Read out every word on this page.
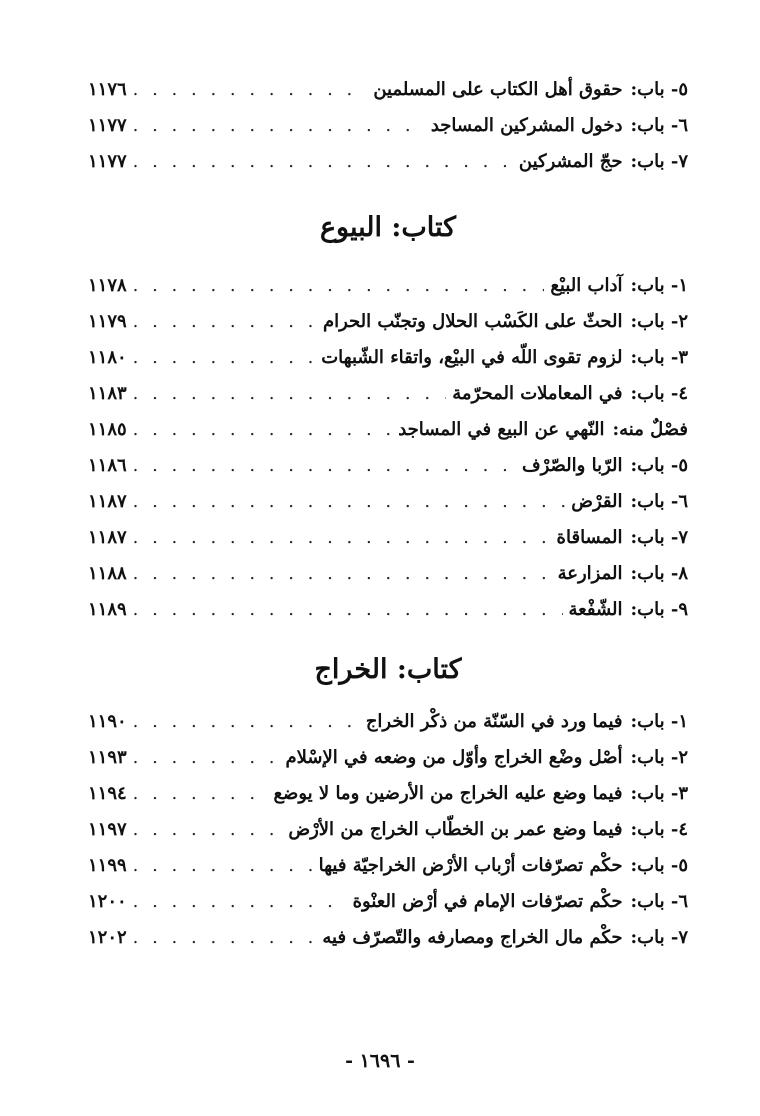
٥- باب:
حقوق أهل الكتاب على المسلمين
. . .
١١٧٦
٦- باب:
دخول المشركين المساجد
. . .
١١٧٧
٧- باب:
حجّ المشركين
. . .
١١٧٧
كتاب: البيوع
١- باب:
آداب البيْع
. . .
١١٧٨
٢- باب:
الحثّ على الكَسْب الحلال وتجنّب الحرام
. . .
١١٧٩
٣- باب:
لزوم تقوى اللّه في البيْع، واتقاء الشّبهات
. . .
١١٨٠
٤- باب:
في المعاملات المحرّمة
. . .
١١٨٣
فصْلٌ منه:
النّهي عن البيع في المساجد
. . .
١١٨٥
٥- باب:
الرّبا والصّرْف
. . .
١١٨٦
٦- باب:
القرْض
. . .
١١٨٧
٧- باب:
المساقاة
. . .
١١٨٧
٨- باب:
المزارعة
. . .
١١٨٨
٩- باب:
الشّفْعة
. . .
١١٨٩
كتاب: الخراج
١- باب:
فيما ورد في السّنّة من ذكْر الخراج
. . .
١١٩٠
٢- باب:
أصْل وضْع الخراج وأوّل من وضعه في الإسْلام
. . .
١١٩٣
٣- باب:
فيما وضع عليه الخراج من الأرضين وما لا يوضع
. . .
١١٩٤
٤- باب:
فيما وضع عمر بن الخطّاب الخراج من الأرْض
. . .
١١٩٧
٥- باب:
حكْم تصرّفات أرْباب الأرْض الخراجيّة فيها
. . .
١١٩٩
٦- باب:
حكْم تصرّفات الإمام في أرْض العنْوة
. . .
١٢٠٠
٧- باب:
حكْم مال الخراج ومصارفه والتّصرّف فيه
. . .
١٢٠٢
- ١٦٩٦ -
